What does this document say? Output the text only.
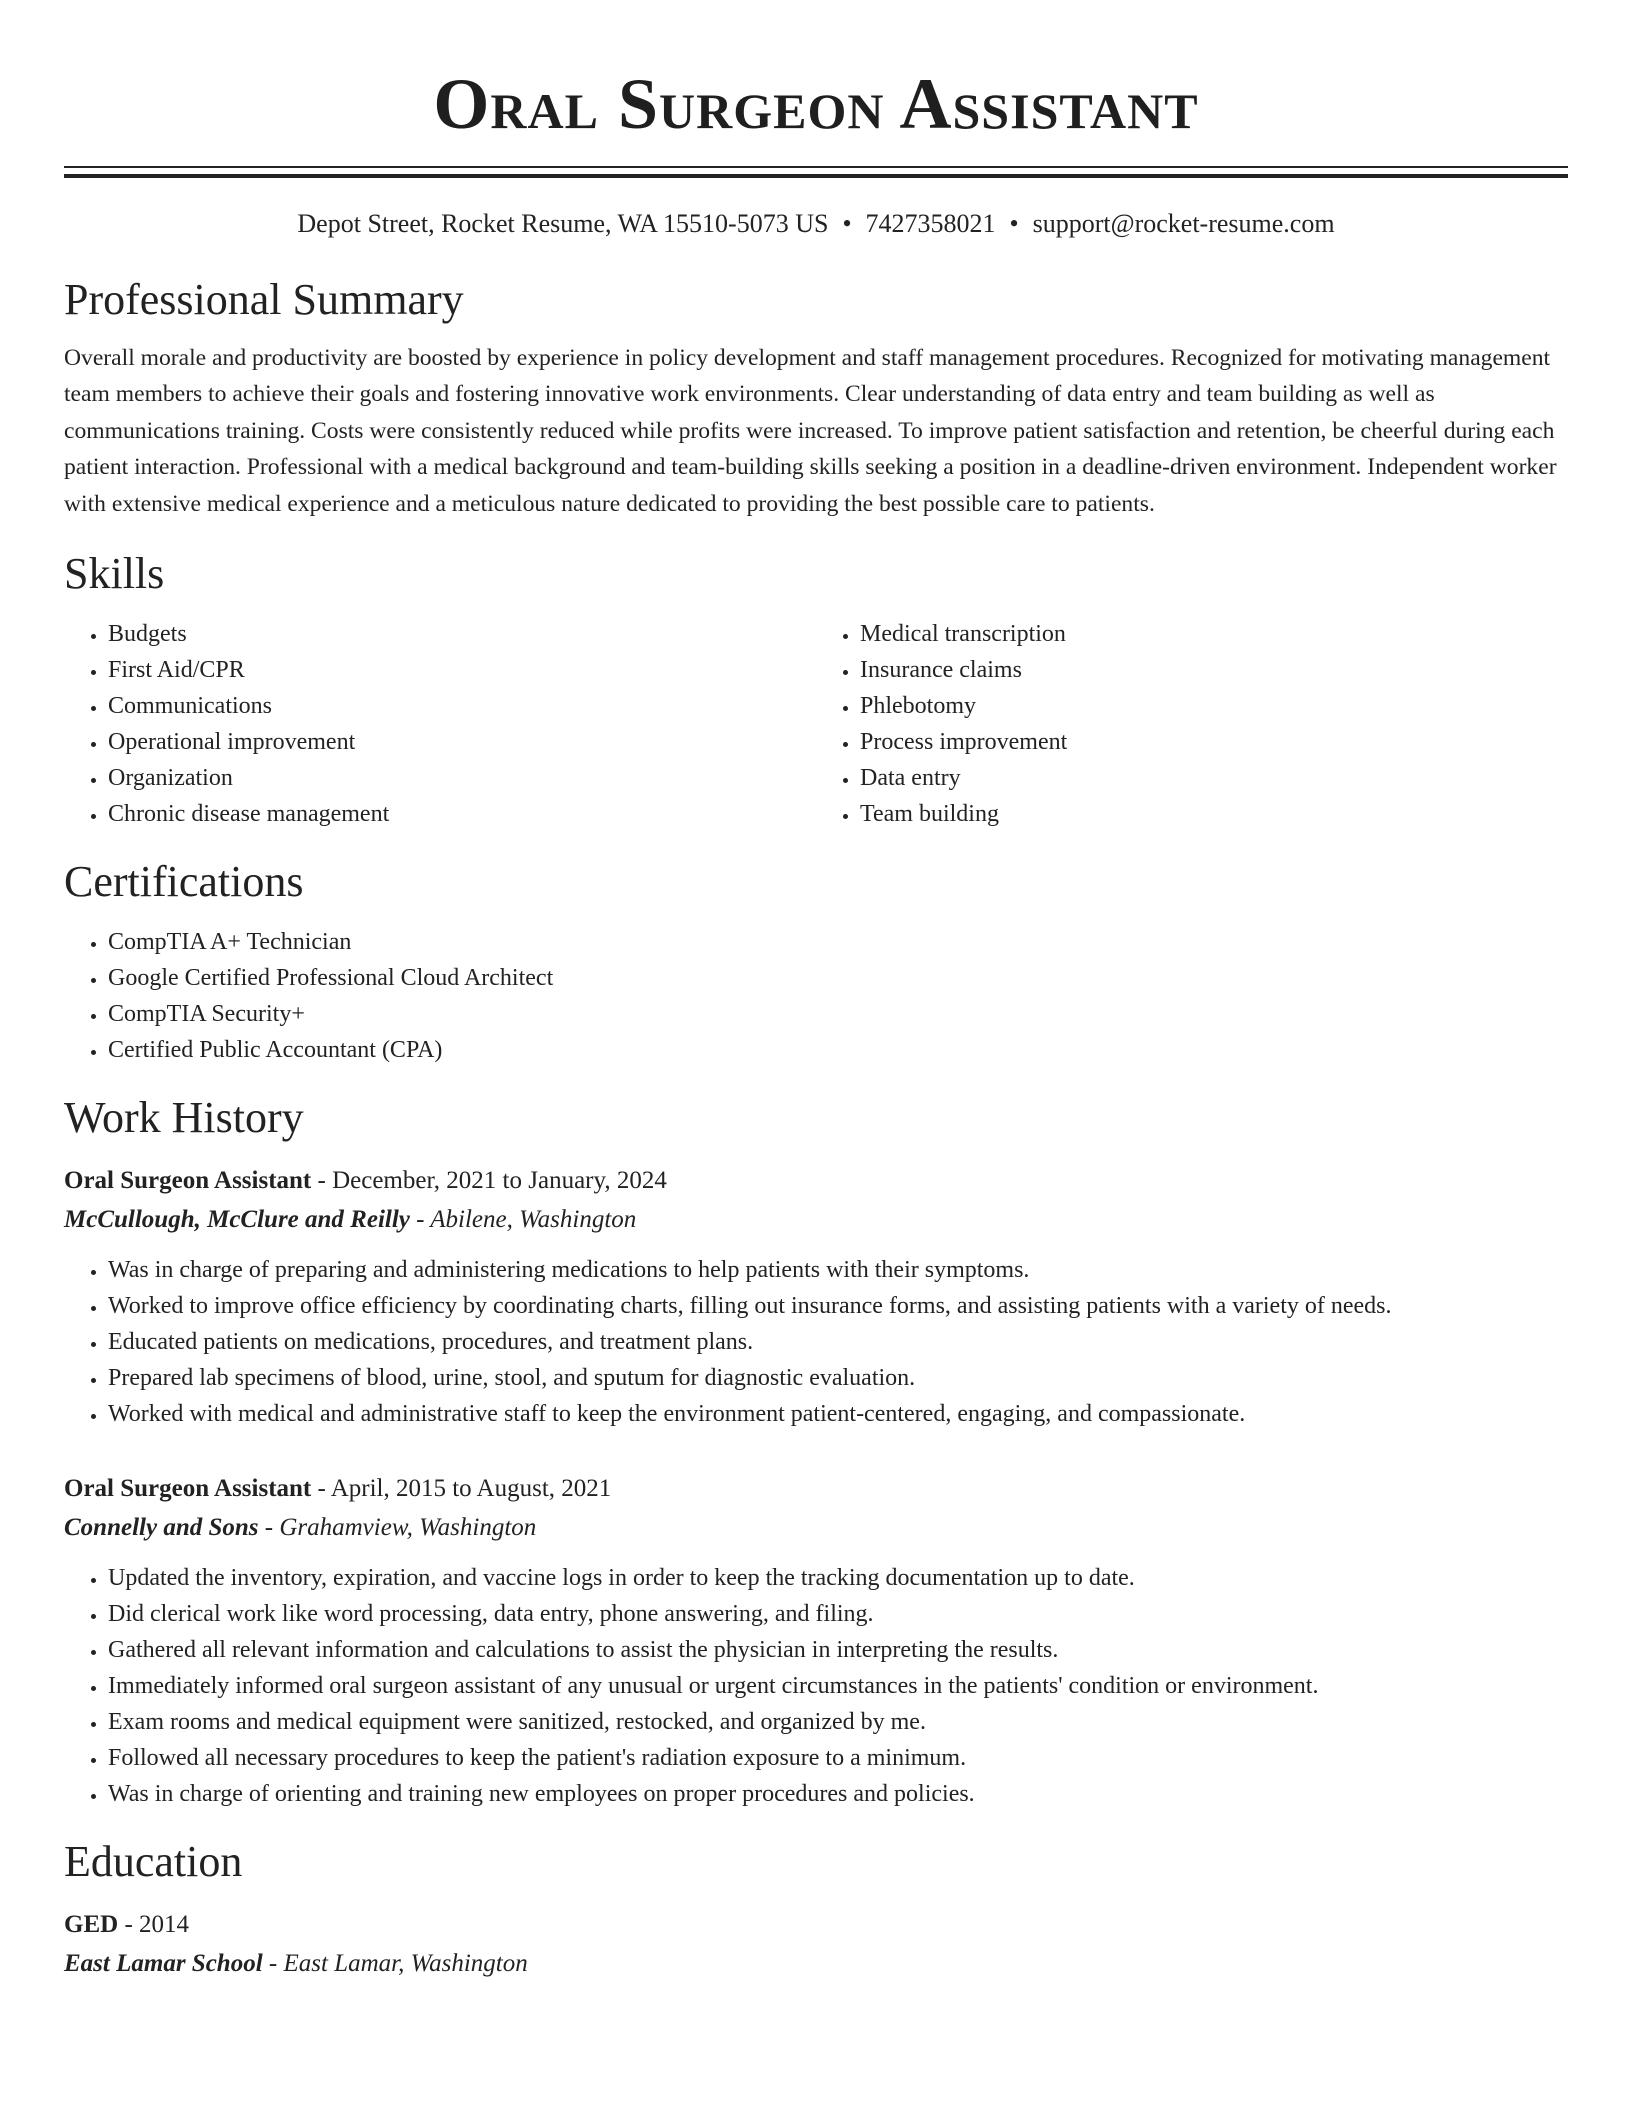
Oral Surgeon Assistant
Depot Street, Rocket Resume, WA 15510-5073 US • 7427358021 • support@rocket-resume.com
Professional Summary
Overall morale and productivity are boosted by experience in policy development and staff management procedures. Recognized for motivating management team members to achieve their goals and fostering innovative work environments. Clear understanding of data entry and team building as well as communications training. Costs were consistently reduced while profits were increased. To improve patient satisfaction and retention, be cheerful during each patient interaction. Professional with a medical background and team-building skills seeking a position in a deadline-driven environment. Independent worker with extensive medical experience and a meticulous nature dedicated to providing the best possible care to patients.
Skills
• Budgets
• First Aid/CPR
• Communications
• Operational improvement
• Organization
• Chronic disease management
• Medical transcription
• Insurance claims
• Phlebotomy
• Process improvement
• Data entry
• Team building
Certifications
• CompTIA A+ Technician
• Google Certified Professional Cloud Architect
• CompTIA Security+
• Certified Public Accountant (CPA)
Work History
Oral Surgeon Assistant - December, 2021 to January, 2024
McCullough, McClure and Reilly - Abilene, Washington
• Was in charge of preparing and administering medications to help patients with their symptoms.
• Worked to improve office efficiency by coordinating charts, filling out insurance forms, and assisting patients with a variety of needs.
• Educated patients on medications, procedures, and treatment plans.
• Prepared lab specimens of blood, urine, stool, and sputum for diagnostic evaluation.
• Worked with medical and administrative staff to keep the environment patient-centered, engaging, and compassionate.
Oral Surgeon Assistant - April, 2015 to August, 2021
Connelly and Sons - Grahamview, Washington
• Updated the inventory, expiration, and vaccine logs in order to keep the tracking documentation up to date.
• Did clerical work like word processing, data entry, phone answering, and filing.
• Gathered all relevant information and calculations to assist the physician in interpreting the results.
• Immediately informed oral surgeon assistant of any unusual or urgent circumstances in the patients' condition or environment.
• Exam rooms and medical equipment were sanitized, restocked, and organized by me.
• Followed all necessary procedures to keep the patient's radiation exposure to a minimum.
• Was in charge of orienting and training new employees on proper procedures and policies.
Education
GED - 2014
East Lamar School - East Lamar, Washington
